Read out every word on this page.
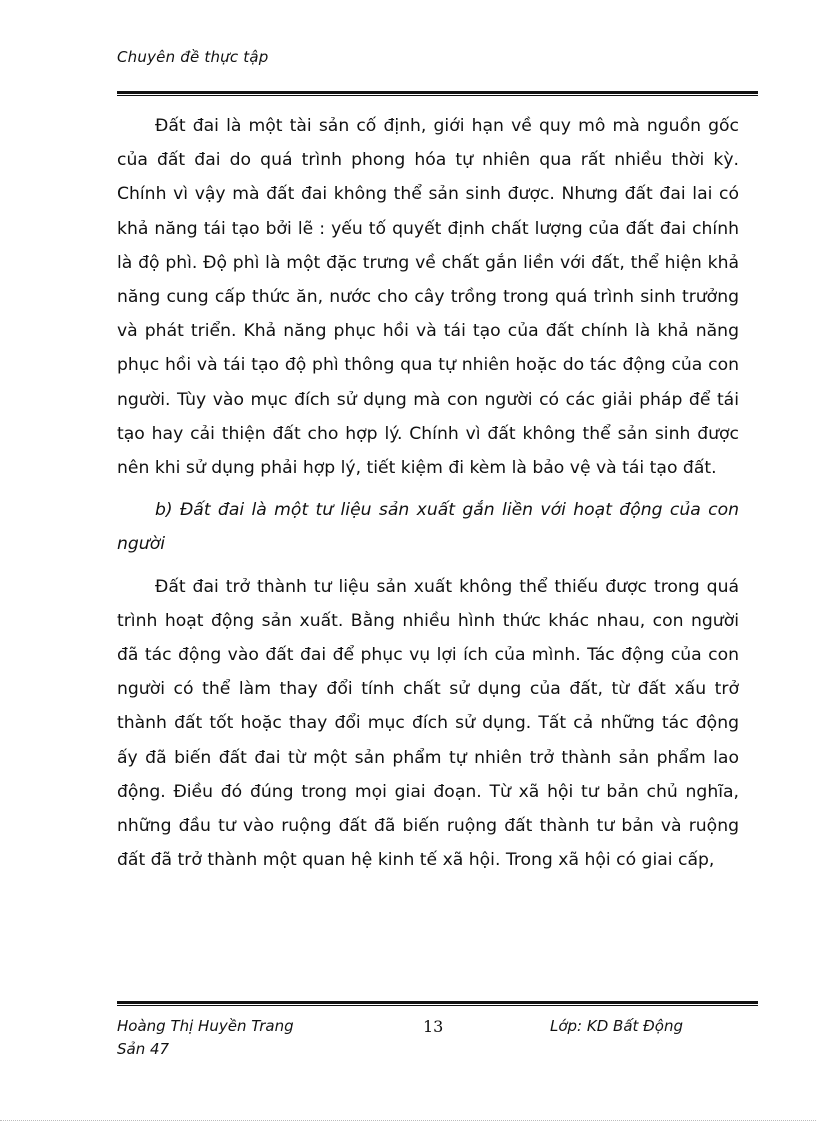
Chuyên đề thực tập

Đất đai là một tài sản cố định, giới hạn về quy mô mà nguồn gốc của đất đai do quá trình phong hóa tự nhiên qua rất nhiều thời kỳ. Chính vì vậy mà đất đai không thể sản sinh được. Nhưng đất đai lai có khả năng tái tạo bởi lẽ : yếu tố quyết định chất lượng của đất đai chính là độ phì. Độ phì là một đặc trưng về chất gắn liền với đất, thể hiện khả năng cung cấp thức ăn, nước cho cây trồng trong quá trình sinh trưởng và phát triển. Khả năng phục hồi và tái tạo của đất chính là khả năng phục hồi và tái tạo độ phì thông qua tự nhiên hoặc do tác động của con người. Tùy vào mục đích sử dụng mà con người có các giải pháp để tái tạo hay cải thiện đất cho hợp lý. Chính vì đất không thể sản sinh được nên khi sử dụng phải hợp lý, tiết kiệm đi kèm là bảo vệ và tái tạo đất.

b) Đất đai là một tư liệu sản xuất gắn liền với hoạt động của con người

Đất đai trở thành tư liệu sản xuất không thể thiếu được trong quá trình hoạt động sản xuất. Bằng nhiều hình thức khác nhau, con người đã tác động vào đất đai để phục vụ lợi ích của mình. Tác động của con người có thể làm thay đổi tính chất sử dụng của đất, từ đất xấu trở thành đất tốt hoặc thay đổi mục đích sử dụng. Tất cả những tác động ấy đã biến đất đai từ một sản phẩm tự nhiên trở thành sản phẩm lao động. Điều đó đúng trong mọi giai đoạn. Từ xã hội tư bản chủ nghĩa, những đầu tư vào ruộng đất đã biến ruộng đất thành tư bản và ruộng đất đã trở thành một quan hệ kinh tế xã hội. Trong xã hội có giai cấp,

Hoàng Thị Huyền Trang	13	Lớp: KD Bất Động
Sản 47
